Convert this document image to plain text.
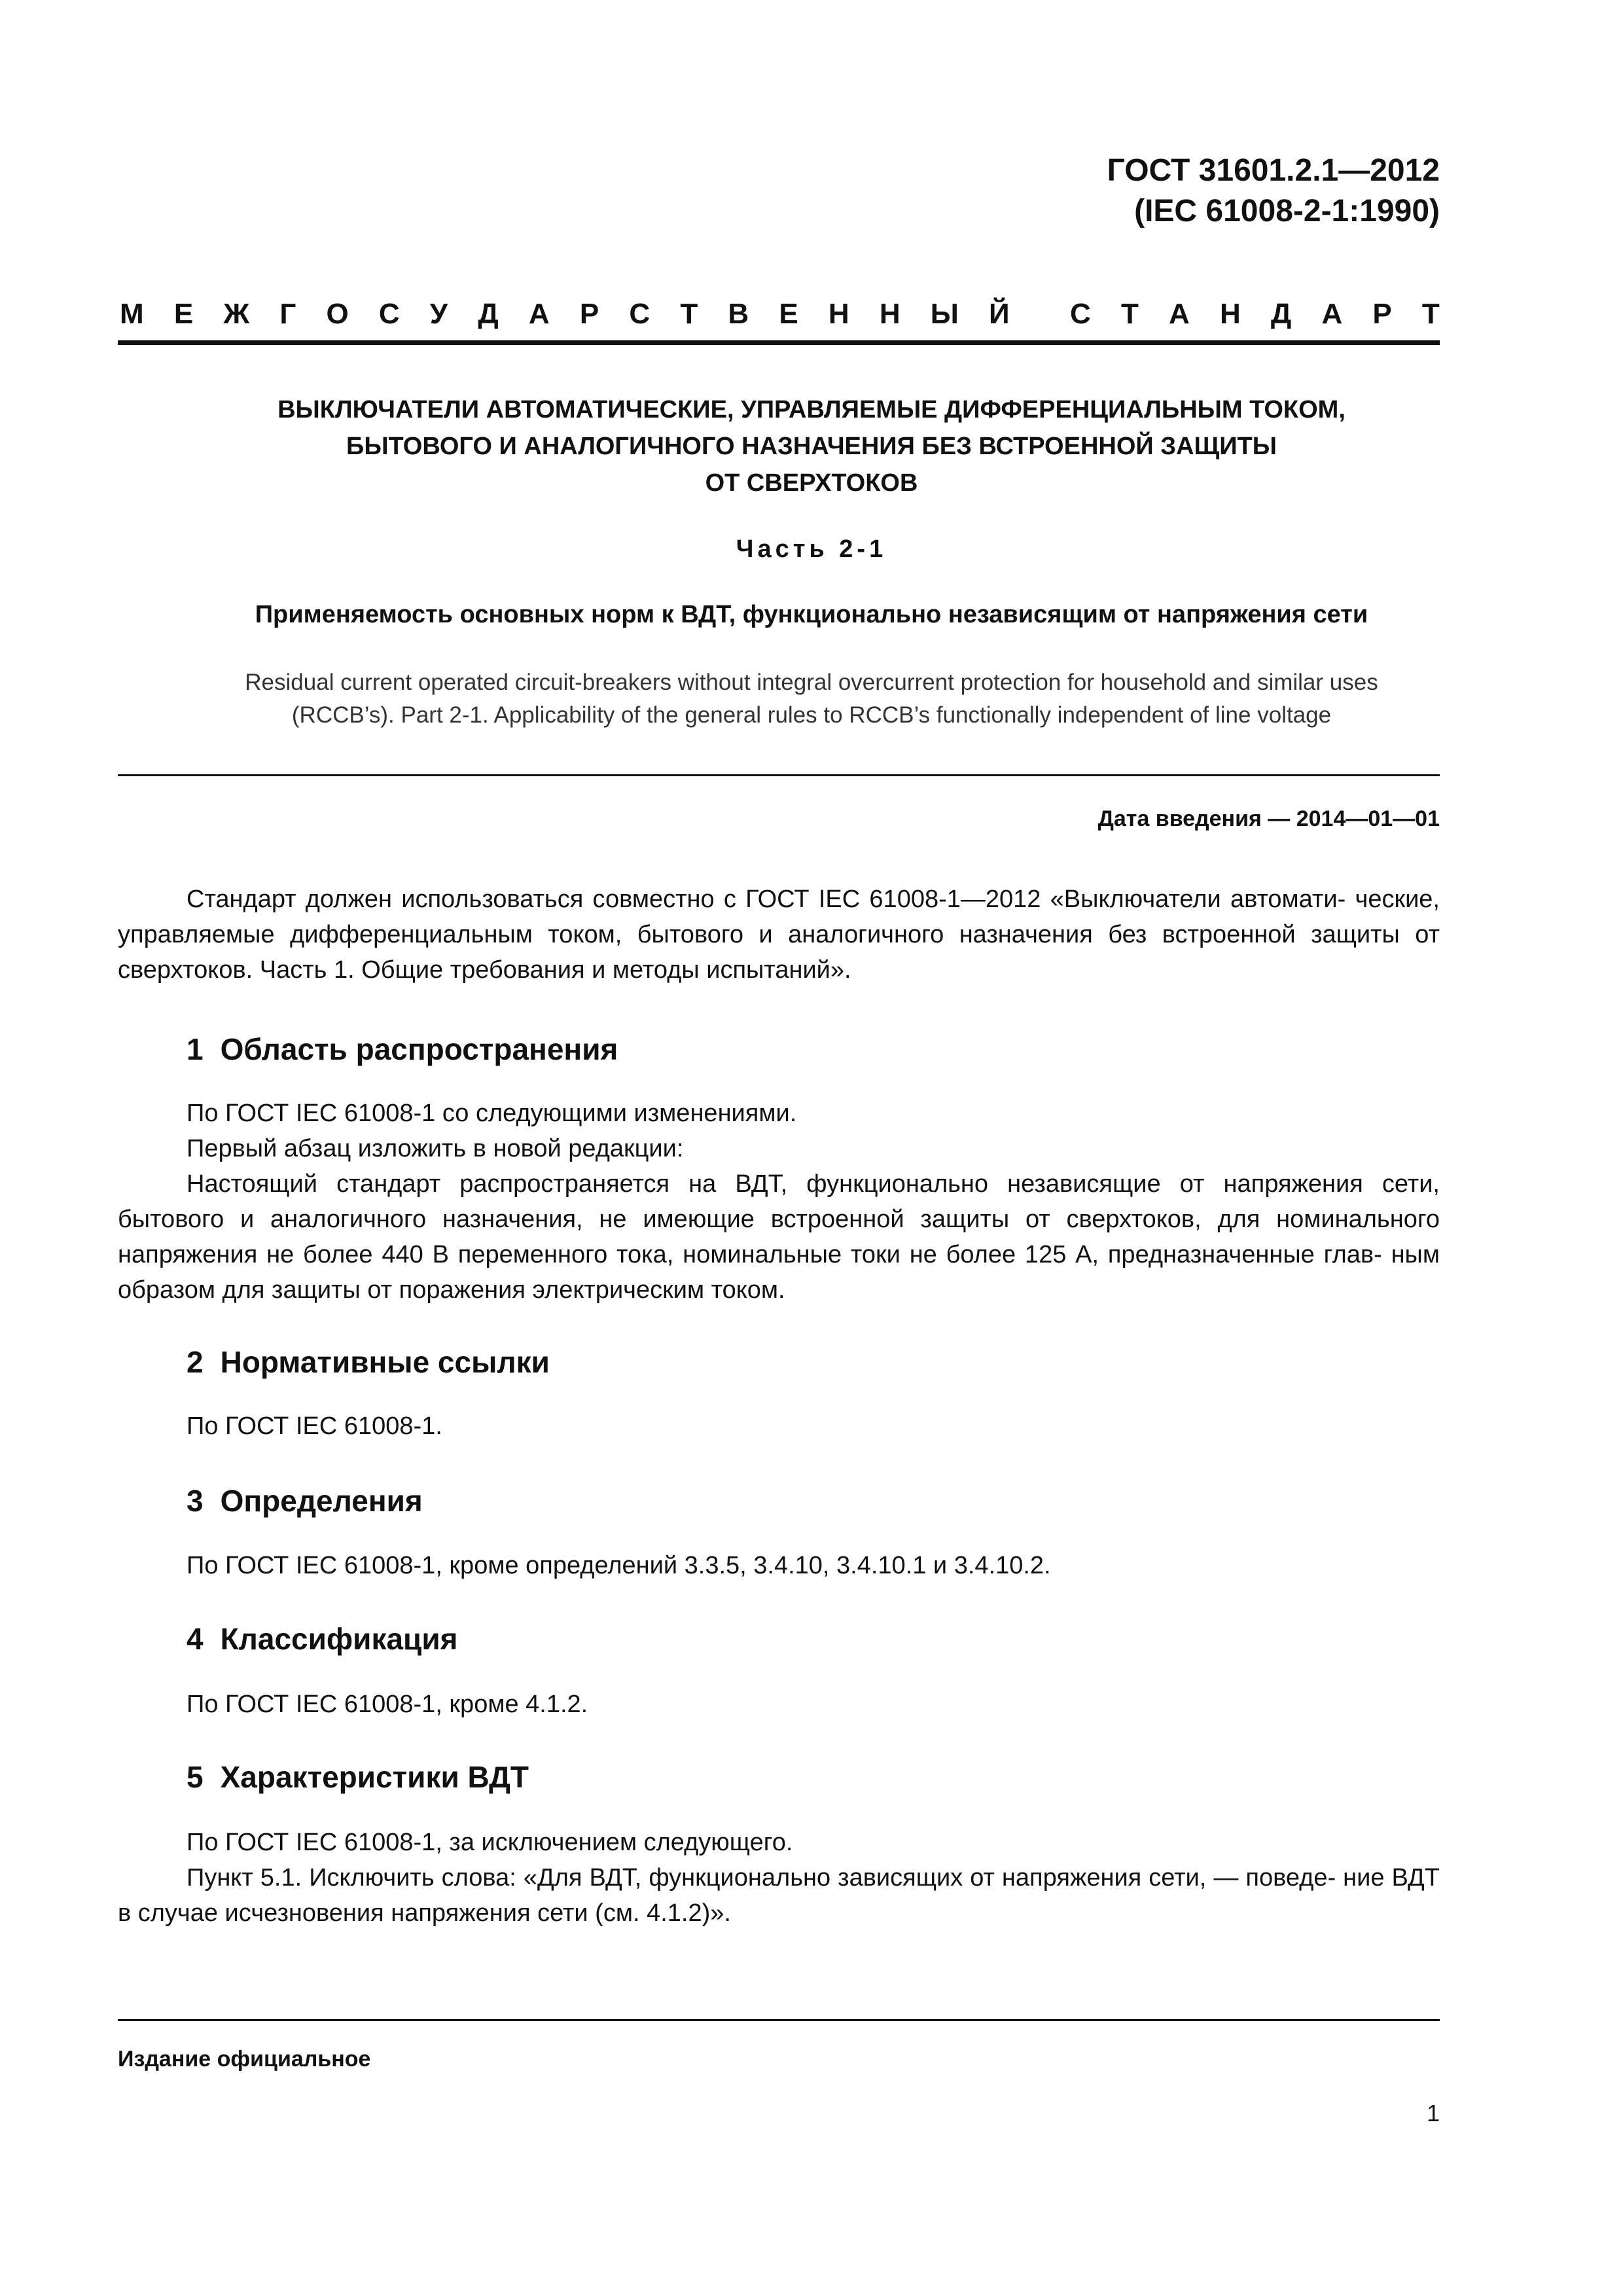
ГОСТ 31601.2.1—2012
(IEC 61008-2-1:1990)
М Е Ж Г О С У Д А Р С Т В Е Н Н Ы Й С Т А Н Д А Р Т
ВЫКЛЮЧАТЕЛИ АВТОМАТИЧЕСКИЕ, УПРАВЛЯЕМЫЕ ДИФФЕРЕНЦИАЛЬНЫМ ТОКОМ,
БЫТОВОГО И АНАЛОГИЧНОГО НАЗНАЧЕНИЯ БЕЗ ВСТРОЕННОЙ ЗАЩИТЫ
ОТ СВЕРХТОКОВ
Часть 2-1
Применяемость основных норм к ВДТ, функционально независящим от напряжения сети
Residual current operated circuit-breakers without integral overcurrent protection for household and similar uses
(RCCB’s). Part 2-1. Applicability of the general rules to RCCB’s functionally independent of line voltage
Дата введения — 2014—01—01

Стандарт должен использоваться совместно с ГОСТ IEC 61008-1—2012 «Выключатели автомати- ческие, управляемые дифференциальным током, бытового и аналогичного назначения без встроенной защиты от сверхтоков. Часть 1. Общие требования и методы испытаний».

1 Область распространения

По ГОСТ IEC 61008-1 со следующими изменениями.

Первый абзац изложить в новой редакции:

Настоящий стандарт распространяется на ВДТ, функционально независящие от напряжения сети, бытового и аналогичного назначения, не имеющие встроенной защиты от сверхтоков, для номинального напряжения не более 440 В переменного тока, номинальные токи не более 125 А, предназначенные глав- ным образом для защиты от поражения электрическим током.

2 Нормативные ссылки

По ГОСТ IEC 61008-1.

3 Определения

По ГОСТ IEC 61008-1, кроме определений 3.3.5, 3.4.10, 3.4.10.1 и 3.4.10.2.

4 Классификация

По ГОСТ IEC 61008-1, кроме 4.1.2.

5 Характеристики ВДТ

По ГОСТ IEC 61008-1, за исключением следующего.

Пункт 5.1. Исключить слова: «Для ВДТ, функционально зависящих от напряжения сети, — поведе- ние ВДТ в случае исчезновения напряжения сети (см. 4.1.2)».

Издание официальное
1
